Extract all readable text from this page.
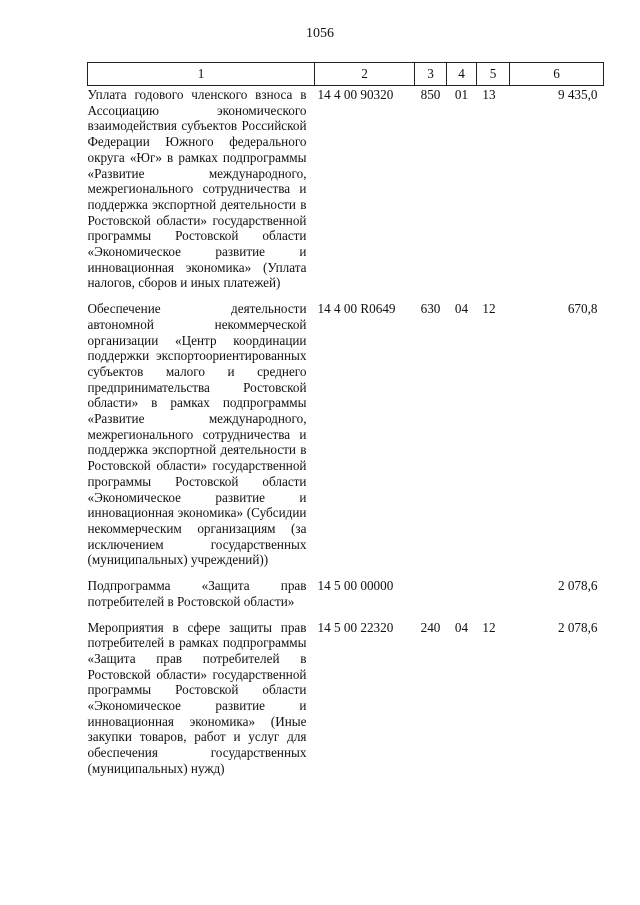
1056
1	2	3	4	5	6
Уплата годового членского взноса в Ассоциацию экономического взаимодействия субъектов Российской Федерации Южного федерального округа «Юг» в рамках подпрограммы «Развитие международного, межрегионального сотрудничества и поддержка экспортной деятельности в Ростовской области» государственной программы Ростовской области «Экономическое развитие и инновационная экономика» (Уплата налогов, сборов и иных платежей)	14 4 00 90320	850	01	13	9 435,0
Обеспечение деятельности автономной некоммерческой организации «Центр координации поддержки экспортоориентированных субъектов малого и среднего предпринимательства Ростовской области» в рамках подпрограммы «Развитие международного, межрегионального сотрудничества и поддержка экспортной деятельности в Ростовской области» государственной программы Ростовской области «Экономическое развитие и инновационная экономика» (Субсидии некоммерческим организациям (за исключением государственных (муниципальных) учреждений))	14 4 00 R0649	630	04	12	670,8
Подпрограмма «Защита прав потребителей в Ростовской области»	14 5 00 00000				2 078,6
Мероприятия в сфере защиты прав потребителей в рамках подпрограммы «Защита прав потребителей в Ростовской области» государственной программы Ростовской области «Экономическое развитие и инновационная экономика» (Иные закупки товаров, работ и услуг для обеспечения государственных (муниципальных) нужд)	14 5 00 22320	240	04	12	2 078,6
